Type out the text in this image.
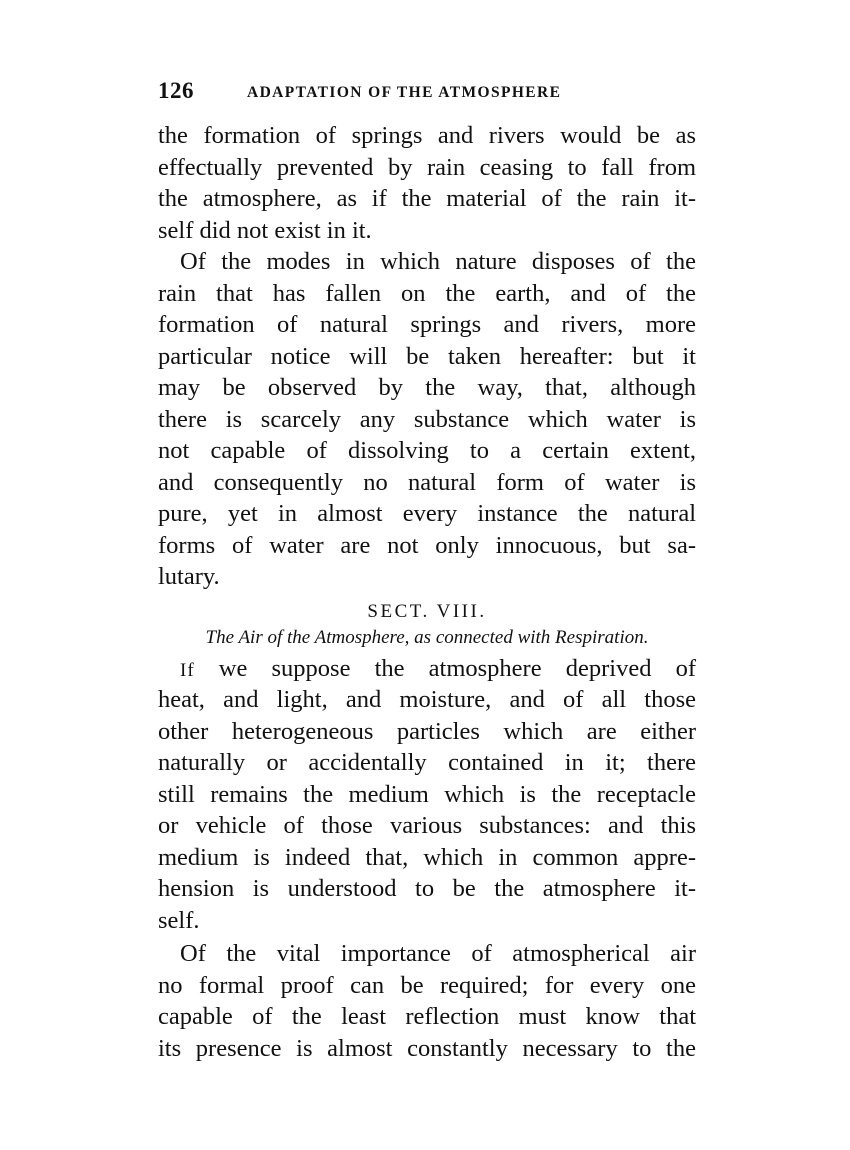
126	ADAPTATION OF THE ATMOSPHERE
the formation of springs and rivers would be as
effectually prevented by rain ceasing to fall from
the atmosphere, as if the material of the rain it-
self did not exist in it.
Of the modes in which nature disposes of the
rain that has fallen on the earth, and of the
formation of natural springs and rivers, more
particular notice will be taken hereafter: but it
may be observed by the way, that, although
there is scarcely any substance which water is
not capable of dissolving to a certain extent,
and consequently no natural form of water is
pure, yet in almost every instance the natural
forms of water are not only innocuous, but sa-
lutary.
SECT. VIII.
The Air of the Atmosphere, as connected with Respiration.
If we suppose the atmosphere deprived of
heat, and light, and moisture, and of all those
other heterogeneous particles which are either
naturally or accidentally contained in it; there
still remains the medium which is the receptacle
or vehicle of those various substances: and this
medium is indeed that, which in common appre-
hension is understood to be the atmosphere it-
self.
Of the vital importance of atmospherical air
no formal proof can be required; for every one
capable of the least reflection must know that
its presence is almost constantly necessary to the
